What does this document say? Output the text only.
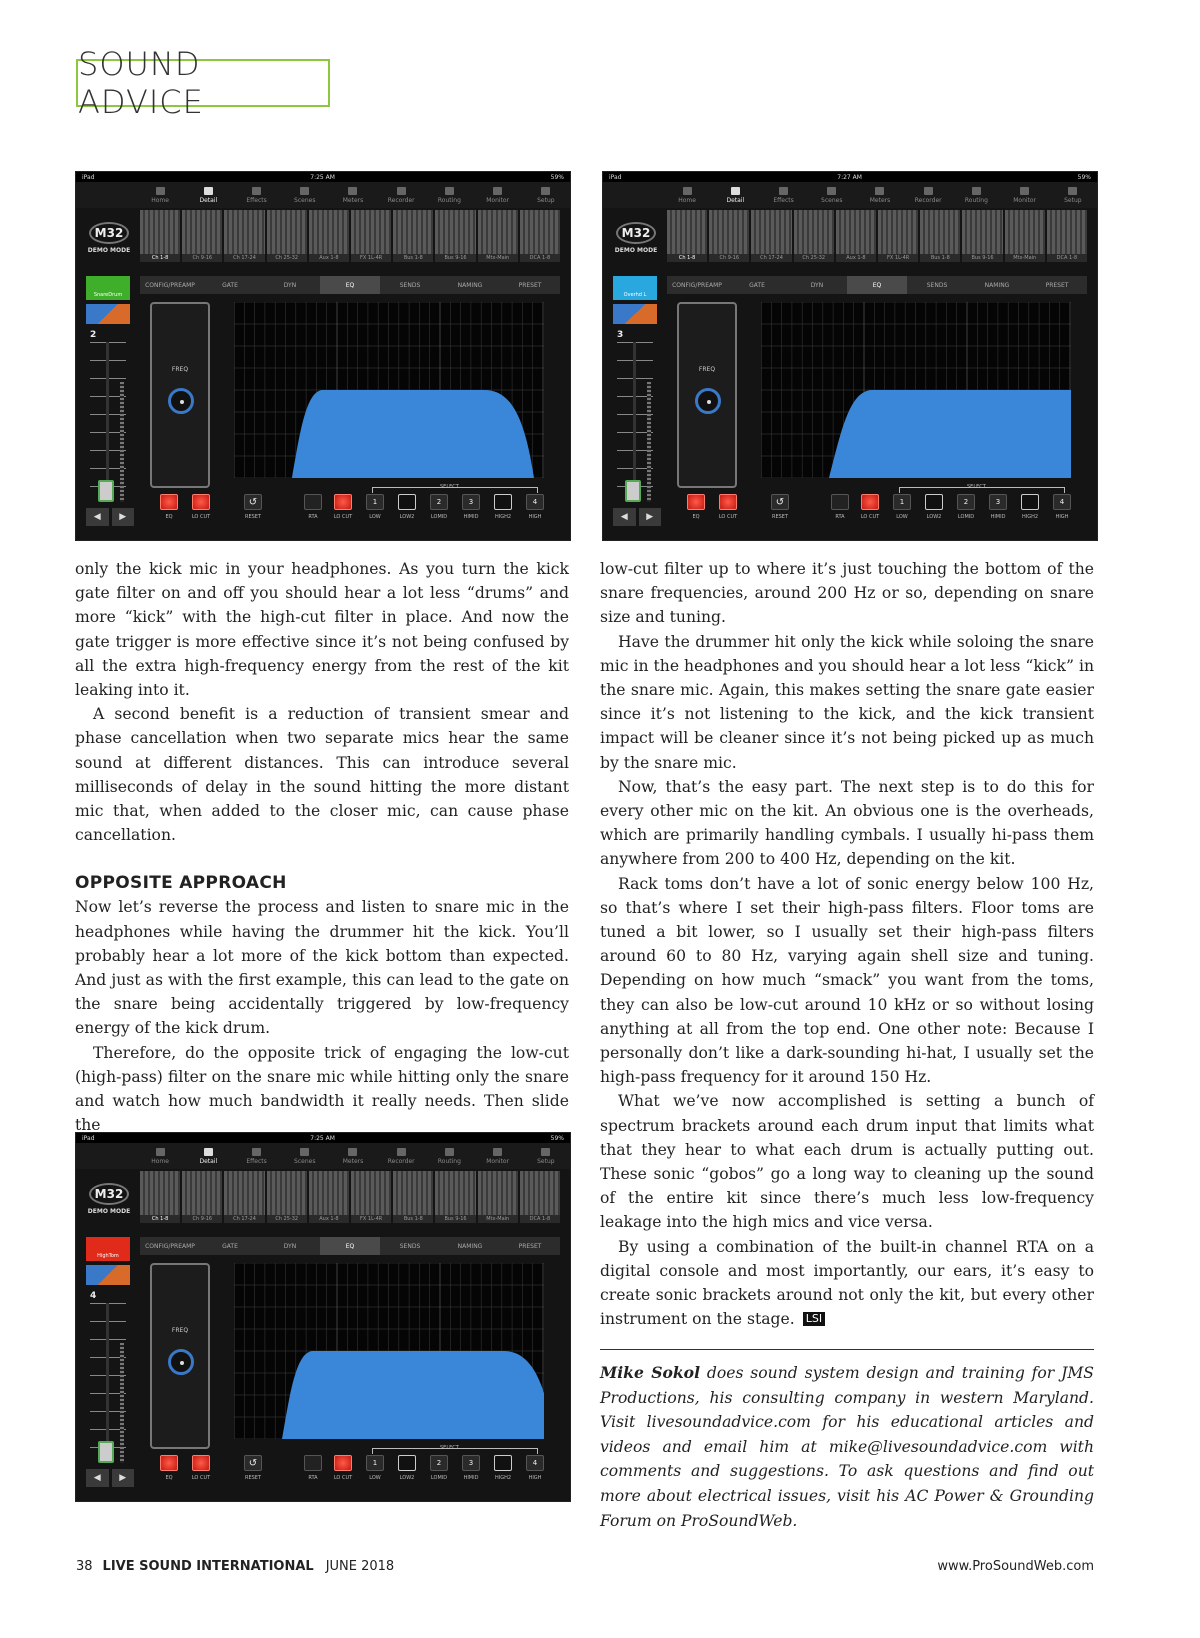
SOUND ADVICE
iPad	7:25 AM	59%
Home	Detail	Effects	Scenes	Meters	Recorder	Routing	Monitor	Setup
M32
DEMO MODE
Ch 1-8	Ch 9-16	Ch 17-24	Ch 25-32	Aux 1-8	FX 1L-4R	Bus 1-8	Bus 9-16	Mtx-Main	DCA 1-8
CONFIG/PREAMP	GATE	DYN	EQ	SENDS	NAMING	PRESET
SnareDrum
2
◀	▶
FREQ
EQ	LO CUT
↺
RESET	RTA	LO CUT
1
LOW	LOW2
2
LOMID
3
HIMID	HIGH2
4
HIGH
SELECT
iPad	7:27 AM	59%
Home	Detail	Effects	Scenes	Meters	Recorder	Routing	Monitor	Setup
M32
DEMO MODE
Ch 1-8	Ch 9-16	Ch 17-24	Ch 25-32	Aux 1-8	FX 1L-4R	Bus 1-8	Bus 9-16	Mtx-Main	DCA 1-8
CONFIG/PREAMP	GATE	DYN	EQ	SENDS	NAMING	PRESET
Overhd L
3
◀	▶
FREQ
EQ	LO CUT
↺
RESET	RTA	LO CUT
1
LOW	LOW2
2
LOMID
3
HIMID	HIGH2
4
HIGH
SELECT
iPad	7:25 AM	59%
Home	Detail	Effects	Scenes	Meters	Recorder	Routing	Monitor	Setup
M32
DEMO MODE
Ch 1-8	Ch 9-16	Ch 17-24	Ch 25-32	Aux 1-8	FX 1L-4R	Bus 1-8	Bus 9-16	Mtx-Main	DCA 1-8
CONFIG/PREAMP	GATE	DYN	EQ	SENDS	NAMING	PRESET
HighTom
4
◀	▶
FREQ
EQ	LO CUT
↺
RESET	RTA	LO CUT
1
LOW	LOW2
2
LOMID
3
HIMID	HIGH2
4
HIGH
SELECT

only the kick mic in your headphones. As you turn the kick gate filter on and off you should hear a lot less “drums” and more “kick” with the high-cut filter in place. And now the gate trigger is more effective since it’s not being confused by all the extra high-frequency energy from the rest of the kit leaking into it.

A second benefit is a reduction of transient smear and phase cancellation when two separate mics hear the same sound at different distances. This can introduce several milliseconds of delay in the sound hitting the more distant mic that, when added to the closer mic, can cause phase cancellation.

OPPOSITE APPROACH

Now let’s reverse the process and listen to snare mic in the headphones while having the drummer hit the kick. You’ll probably hear a lot more of the kick bottom than expected. And just as with the first example, this can lead to the gate on the snare being accidentally triggered by low-frequency energy of the kick drum.

Therefore, do the opposite trick of engaging the low-cut (high-pass) filter on the snare mic while hitting only the snare and watch how much bandwidth it really needs. Then slide the

low-cut filter up to where it’s just touching the bottom of the snare frequencies, around 200 Hz or so, depending on snare size and tuning.

Have the drummer hit only the kick while soloing the snare mic in the headphones and you should hear a lot less “kick” in the snare mic. Again, this makes setting the snare gate easier since it’s not listening to the kick, and the kick transient impact will be cleaner since it’s not being picked up as much by the snare mic.

Now, that’s the easy part. The next step is to do this for every other mic on the kit. An obvious one is the overheads, which are primarily handling cymbals. I usually hi-pass them anywhere from 200 to 400 Hz, depending on the kit.

Rack toms don’t have a lot of sonic energy below 100 Hz, so that’s where I set their high-pass filters. Floor toms are tuned a bit lower, so I usually set their high-pass filters around 60 to 80 Hz, varying again shell size and tuning. Depending on how much “smack” you want from the toms, they can also be low-cut around 10 kHz or so without losing anything at all from the top end. One other note: Because I personally don’t like a dark-sounding hi-hat, I usually set the high-pass frequency for it around 150 Hz.

What we’ve now accomplished is setting a bunch of spectrum brackets around each drum input that limits what that they hear to what each drum is actually putting out. These sonic “gobos” go a long way to cleaning up the sound of the entire kit since there’s much less low-frequency leakage into the high mics and vice versa.

By using a combination of the built-in channel RTA on a digital console and most importantly, our ears, it’s easy to create sonic brackets around not only the kit, but every other instrument on the stage. LSI

Mike Sokol does sound system design and training for JMS Productions, his consulting company in western Maryland. Visit livesoundadvice.com for his educational articles and videos and email him at mike@livesoundadvice.com with comments and suggestions. To ask questions and find out more about electrical issues, visit his AC Power & Grounding Forum on ProSoundWeb.
38 LIVE SOUND INTERNATIONAL JUNE 2018	www.ProSoundWeb.com
